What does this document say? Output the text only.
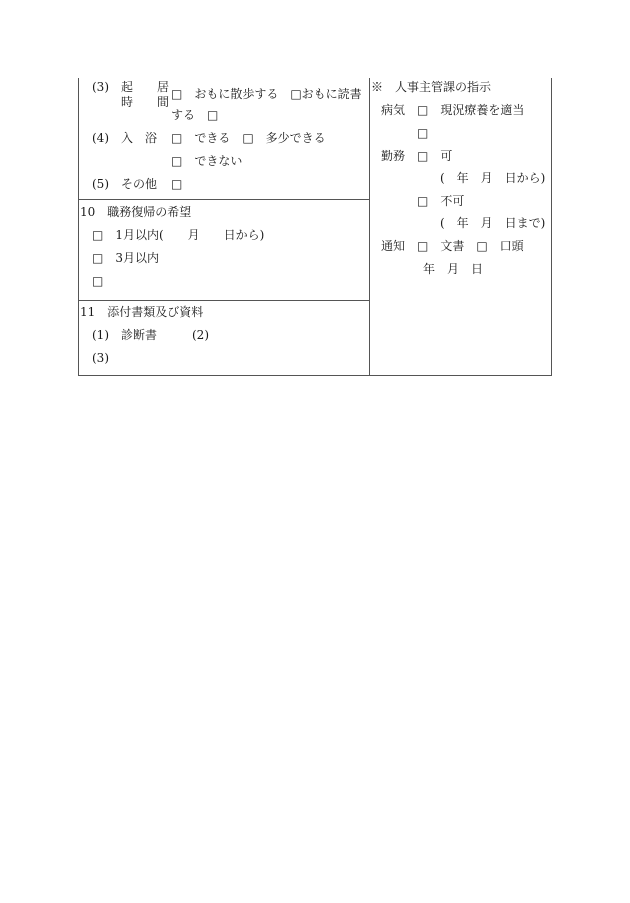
(3) 起　　居
時　　間
□　おもに散歩する　□おもに読書
する　□
(4) 入　浴 □　できる　□　多少できる
□　できない
(5) その他 □
10　職務復帰の希望
□　1月以内(　　月　　日から)
□　3月以内
□
11　添付書類及び資料
(1)　診断書	(2)
(3)
※　人事主管課の指示
病気 □　現況療養を適当
□
勤務 □　可
(　年　月　日から)
□　不可
(　年　月　日まで)
通知 □　文書　□　口頭
年　月　日
